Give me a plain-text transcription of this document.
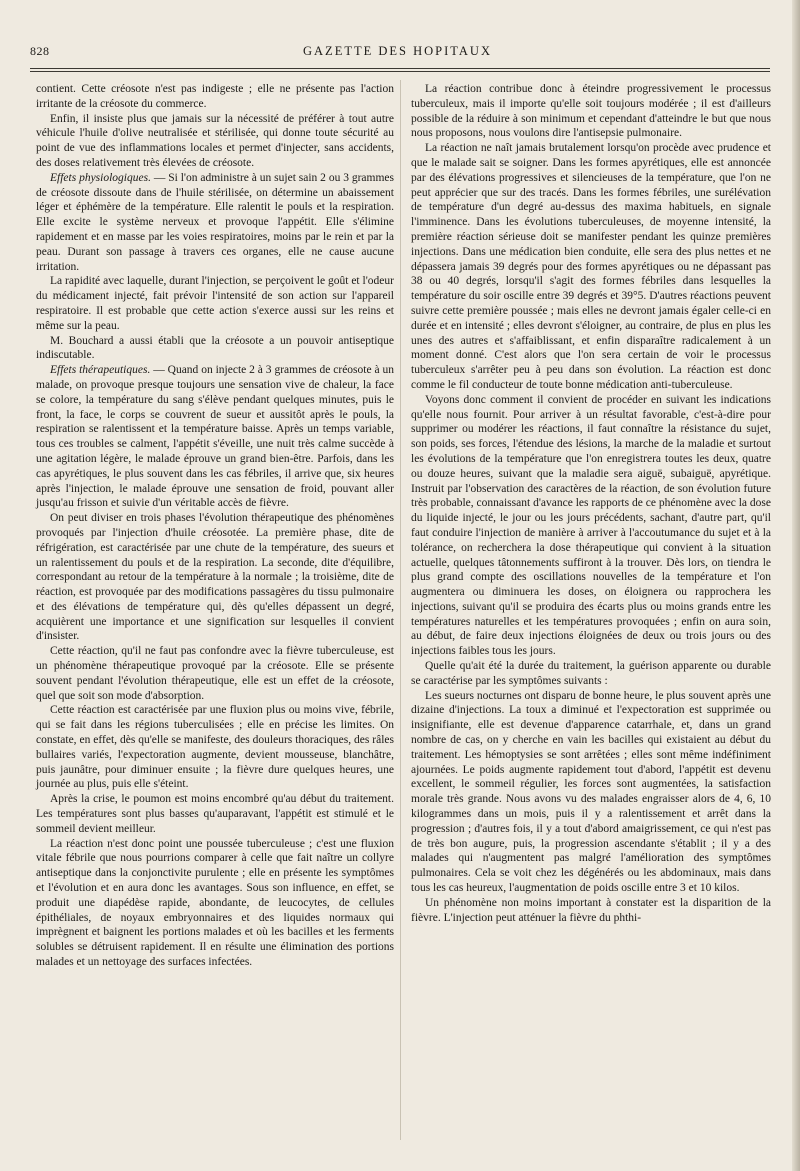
828	GAZETTE DES HOPITAUX

contient. Cette créosote n'est pas indigeste ; elle ne présente pas l'action irritante de la créosote du commerce.

Enfin, il insiste plus que jamais sur la nécessité de préférer à tout autre véhicule l'huile d'olive neutralisée et stérilisée, qui donne toute sécurité au point de vue des inflammations locales et permet d'injecter, sans accidents, des doses relativement très élevées de créosote.

Effets physiologiques. — Si l'on administre à un sujet sain 2 ou 3 grammes de créosote dissoute dans de l'huile stérilisée, on détermine un abaissement léger et éphémère de la température. Elle ralentit le pouls et la respiration. Elle excite le système nerveux et provoque l'appétit. Elle s'élimine rapidement et en masse par les voies respiratoires, moins par le rein et par la peau. Durant son passage à travers ces organes, elle ne cause aucune irritation.

La rapidité avec laquelle, durant l'injection, se perçoivent le goût et l'odeur du médicament injecté, fait prévoir l'intensité de son action sur l'appareil respiratoire. Il est probable que cette action s'exerce aussi sur les reins et même sur la peau.

M. Bouchard a aussi établi que la créosote a un pouvoir antiseptique indiscutable.

Effets thérapeutiques. — Quand on injecte 2 à 3 grammes de créosote à un malade, on provoque presque toujours une sensation vive de chaleur, la face se colore, la température du sang s'élève pendant quelques minutes, puis le front, la face, le corps se couvrent de sueur et aussitôt après le pouls, la respiration se ralentissent et la température baisse. Après un temps variable, tous ces troubles se calment, l'appétit s'éveille, une nuit très calme succède à une agitation légère, le malade éprouve un grand bien-être. Parfois, dans les cas apyrétiques, le plus souvent dans les cas fébriles, il arrive que, six heures après l'injection, le malade éprouve une sensation de froid, pouvant aller jusqu'au frisson et suivie d'un véritable accès de fièvre.

On peut diviser en trois phases l'évolution thérapeutique des phénomènes provoqués par l'injection d'huile créosotée. La première phase, dite de réfrigération, est caractérisée par une chute de la température, des sueurs et un ralentissement du pouls et de la respiration. La seconde, dite d'équilibre, correspondant au retour de la température à la normale ; la troisième, dite de réaction, est provoquée par des modifications passagères du tissu pulmonaire et des élévations de température qui, dès qu'elles dépassent un degré, acquièrent une importance et une signification sur lesquelles il convient d'insister.

Cette réaction, qu'il ne faut pas confondre avec la fièvre tuberculeuse, est un phénomène thérapeutique provoqué par la créosote. Elle se présente souvent pendant l'évolution thérapeutique, elle est un effet de la créosote, quel que soit son mode d'absorption.

Cette réaction est caractérisée par une fluxion plus ou moins vive, fébrile, qui se fait dans les régions tuberculisées ; elle en précise les limites. On constate, en effet, dès qu'elle se manifeste, des douleurs thoraciques, des râles bullaires variés, l'expectoration augmente, devient mousseuse, blanchâtre, puis jaunâtre, pour diminuer ensuite ; la fièvre dure quelques heures, une journée au plus, puis elle s'éteint.

Après la crise, le poumon est moins encombré qu'au début du traitement. Les températures sont plus basses qu'auparavant, l'appétit est stimulé et le sommeil devient meilleur.

La réaction n'est donc point une poussée tuberculeuse ; c'est une fluxion vitale fébrile que nous pourrions comparer à celle que fait naître un collyre antiseptique dans la conjonctivite purulente ; elle en présente les symptômes et l'évolution et en aura donc les avantages. Sous son influence, en effet, se produit une diapédèse rapide, abondante, de leucocytes, de cellules épithéliales, de noyaux embryonnaires et des liquides normaux qui imprègnent et baignent les portions malades et où les bacilles et les ferments solubles se détruisent rapidement. Il en résulte une élimination des portions malades et un nettoyage des surfaces infectées.

La réaction contribue donc à éteindre progressivement le processus tuberculeux, mais il importe qu'elle soit toujours modérée ; il est d'ailleurs possible de la réduire à son minimum et cependant d'atteindre le but que nous nous proposons, nous voulons dire l'antisepsie pulmonaire.

La réaction ne naît jamais brutalement lorsqu'on procède avec prudence et que le malade sait se soigner. Dans les formes apyrétiques, elle est annoncée par des élévations progressives et silencieuses de la température, que l'on ne peut apprécier que sur des tracés. Dans les formes fébriles, une surélévation de température d'un degré au-dessus des maxima habituels, en signale l'imminence. Dans les évolutions tuberculeuses, de moyenne intensité, la première réaction sérieuse doit se manifester pendant les quinze premières injections. Dans une médication bien conduite, elle sera des plus nettes et ne dépassera jamais 39 degrés pour des formes apyrétiques ou ne dépassant pas 38 ou 40 degrés, lorsqu'il s'agit des formes fébriles dans lesquelles la température du soir oscille entre 39 degrés et 39°5. D'autres réactions peuvent suivre cette première poussée ; mais elles ne devront jamais égaler celle-ci en durée et en intensité ; elles devront s'éloigner, au contraire, de plus en plus les unes des autres et s'affaiblissant, et enfin disparaître radicalement à un moment donné. C'est alors que l'on sera certain de voir le processus tuberculeux s'arrêter peu à peu dans son évolution. La réaction est donc comme le fil conducteur de toute bonne médication anti-tuberculeuse.

Voyons donc comment il convient de procéder en suivant les indications qu'elle nous fournit. Pour arriver à un résultat favorable, c'est-à-dire pour supprimer ou modérer les réactions, il faut connaître la résistance du sujet, son poids, ses forces, l'étendue des lésions, la marche de la maladie et surtout les évolutions de la température que l'on enregistrera toutes les deux, quatre ou douze heures, suivant que la maladie sera aiguë, subaiguë, apyrétique. Instruit par l'observation des caractères de la réaction, de son évolution future très probable, connaissant d'avance les rapports de ce phénomène avec la dose du liquide injecté, le jour ou les jours précédents, sachant, d'autre part, qu'il faut conduire l'injection de manière à arriver à l'accoutumance du sujet et à la tolérance, on recherchera la dose thérapeutique qui convient à la situation actuelle, quelques tâtonnements suffiront à la trouver. Dès lors, on tiendra le plus grand compte des oscillations nouvelles de la température et l'on augmentera ou diminuera les doses, on éloignera ou rapprochera les injections, suivant qu'il se produira des écarts plus ou moins grands entre les températures naturelles et les températures provoquées ; enfin on aura soin, au début, de faire deux injections éloignées de deux ou trois jours ou des injections faibles tous les jours.

Quelle qu'ait été la durée du traitement, la guérison apparente ou durable se caractérise par les symptômes suivants :

Les sueurs nocturnes ont disparu de bonne heure, le plus souvent après une dizaine d'injections. La toux a diminué et l'expectoration est supprimée ou insignifiante, elle est devenue d'apparence catarrhale, et, dans un grand nombre de cas, on y cherche en vain les bacilles qui existaient au début du traitement. Les hémoptysies se sont arrêtées ; elles sont même indéfiniment ajournées. Le poids augmente rapidement tout d'abord, l'appétit est devenu excellent, le sommeil régulier, les forces sont augmentées, la satisfaction morale très grande. Nous avons vu des malades engraisser alors de 4, 6, 10 kilogrammes dans un mois, puis il y a ralentissement et arrêt dans la progression ; d'autres fois, il y a tout d'abord amaigrissement, ce qui n'est pas de très bon augure, puis, la progression ascendante s'établit ; il y a des malades qui n'augmentent pas malgré l'amélioration des symptômes pulmonaires. Cela se voit chez les dégénérés ou les abdominaux, mais dans tous les cas heureux, l'augmentation de poids oscille entre 3 et 10 kilos.

Un phénomène non moins important à constater est la disparition de la fièvre. L'injection peut atténuer la fièvre du phthi-
